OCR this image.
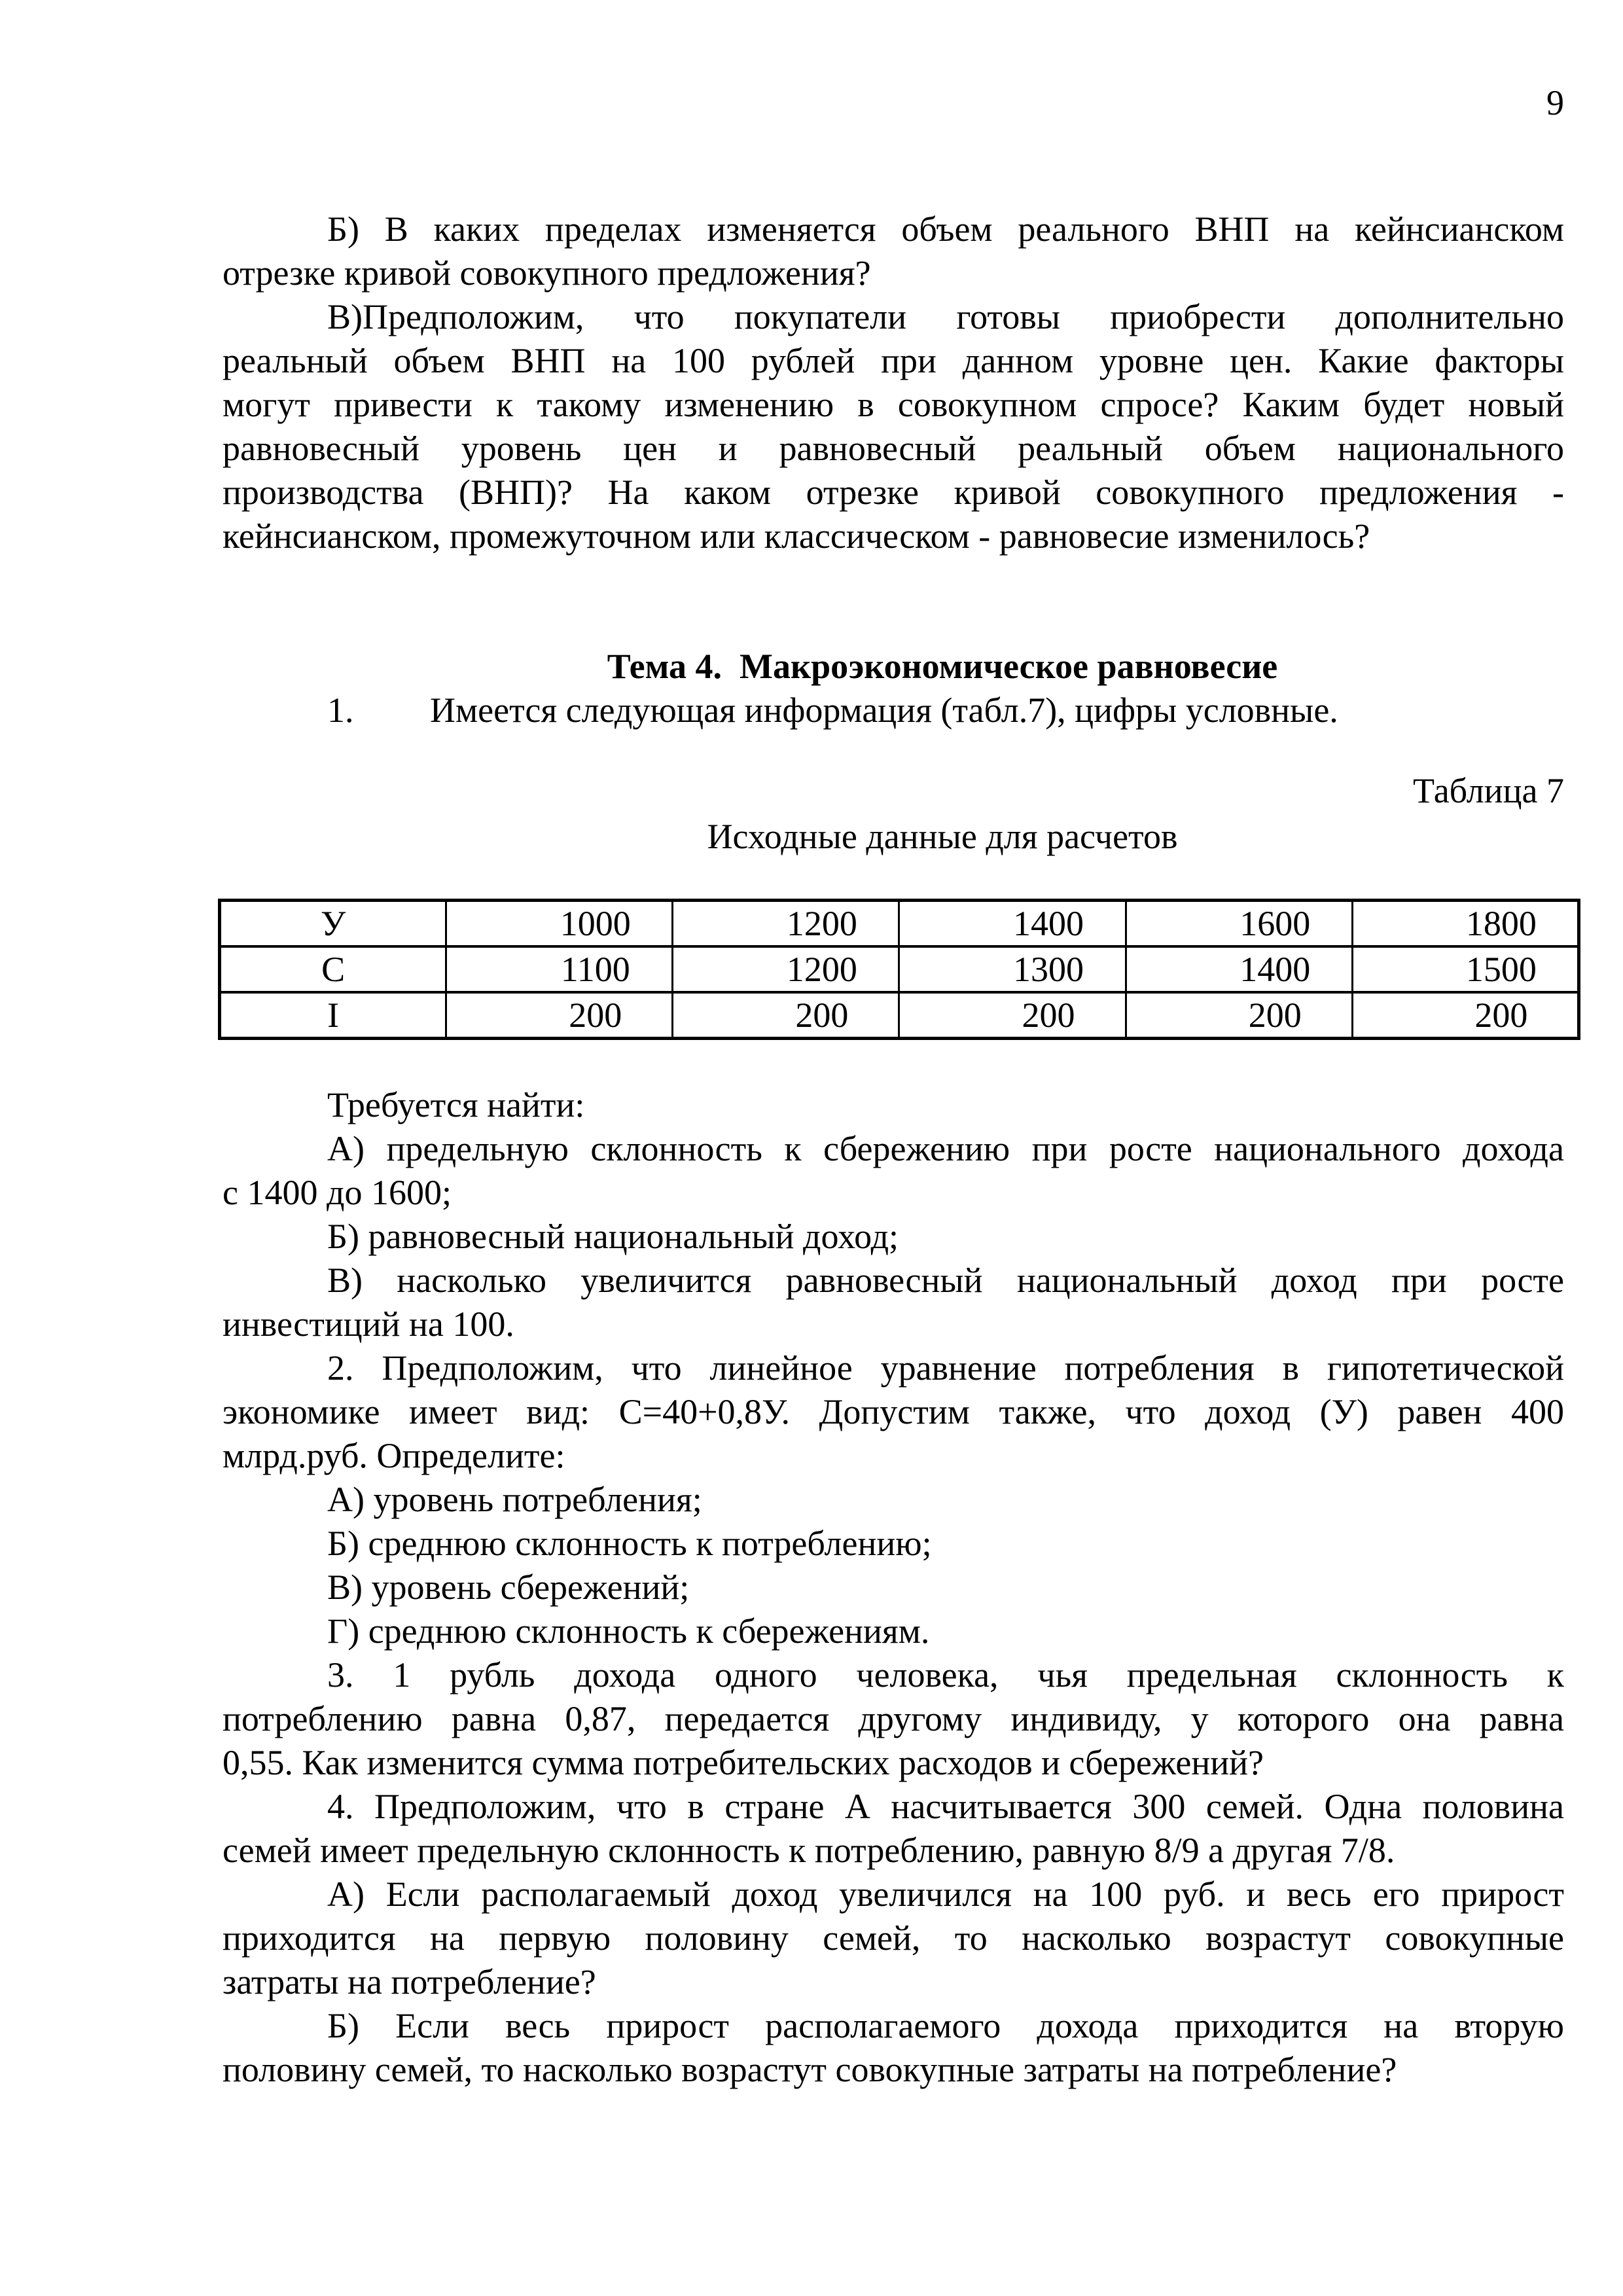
9
Б) В каких пределах изменяется объем реального ВНП на кейнсианском
отрезке кривой совокупного предложения?
В)Предположим, что покупатели готовы приобрести дополнительно
реальный объем ВНП на 100 рублей при данном уровне цен. Какие факторы
могут привести к такому изменению в совокупном спросе? Каким будет новый
равновесный уровень цен и равновесный реальный объем национального
производства (ВНП)? На каком отрезке кривой совокупного предложения -
кейнсианском, промежуточном или классическом - равновесие изменилось?
Тема 4.  Макроэкономическое равновесие
1. Имеется следующая информация (табл.7), цифры условные.
Таблица 7
Исходные данные для расчетов
У	1000	1200	1400	1600	1800
С	1100	1200	1300	1400	1500
I	200	200	200	200	200
Требуется найти:
А) предельную склонность к сбережению при росте национального дохода
с 1400 до 1600;
Б) равновесный национальный доход;
В) насколько увеличится равновесный национальный доход при росте
инвестиций на 100.
2. Предположим, что линейное уравнение потребления в гипотетической
экономике имеет вид: С=40+0,8У. Допустим также, что доход (У) равен 400
млрд.руб. Определите:
А) уровень потребления;
Б) среднюю склонность к потреблению;
В) уровень сбережений;
Г) среднюю склонность к сбережениям.
3. 1 рубль дохода одного человека, чья предельная склонность к
потреблению равна 0,87, передается другому индивиду, у которого она равна
0,55. Как изменится сумма потребительских расходов и сбережений?
4. Предположим, что в стране А насчитывается 300 семей. Одна половина
семей имеет предельную склонность к потреблению, равную 8/9 а другая 7/8.
А) Если располагаемый доход увеличился на 100 руб. и весь его прирост
приходится на первую половину семей, то насколько возрастут совокупные
затраты на потребление?
Б) Если весь прирост располагаемого дохода приходится на вторую
половину семей, то насколько возрастут совокупные затраты на потребление?
